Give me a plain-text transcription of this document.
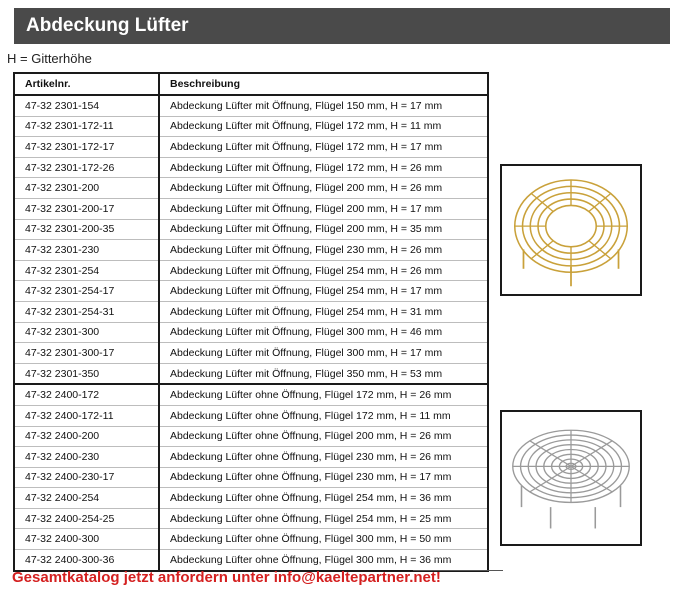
Abdeckung Lüfter
H = Gitterhöhe
Artikelnr.	Beschreibung
47-32 2301-154	Abdeckung Lüfter mit Öffnung, Flügel 150 mm, H = 17 mm
47-32 2301-172-11	Abdeckung Lüfter mit Öffnung, Flügel 172 mm, H = 11 mm
47-32 2301-172-17	Abdeckung Lüfter mit Öffnung, Flügel 172 mm, H = 17 mm
47-32 2301-172-26	Abdeckung Lüfter mit Öffnung, Flügel 172 mm, H = 26 mm
47-32 2301-200	Abdeckung Lüfter mit Öffnung, Flügel 200 mm, H = 26 mm
47-32 2301-200-17	Abdeckung Lüfter mit Öffnung, Flügel 200 mm, H = 17 mm
47-32 2301-200-35	Abdeckung Lüfter mit Öffnung, Flügel 200 mm, H = 35 mm
47-32 2301-230	Abdeckung Lüfter mit Öffnung, Flügel 230 mm, H = 26 mm
47-32 2301-254	Abdeckung Lüfter mit Öffnung, Flügel 254 mm, H = 26 mm
47-32 2301-254-17	Abdeckung Lüfter mit Öffnung, Flügel 254 mm, H = 17 mm
47-32 2301-254-31	Abdeckung Lüfter mit Öffnung, Flügel 254 mm, H = 31 mm
47-32 2301-300	Abdeckung Lüfter mit Öffnung, Flügel 300 mm, H = 46 mm
47-32 2301-300-17	Abdeckung Lüfter mit Öffnung, Flügel 300 mm, H = 17 mm
47-32 2301-350	Abdeckung Lüfter mit Öffnung, Flügel 350 mm, H = 53 mm
47-32 2400-172	Abdeckung Lüfter ohne Öffnung, Flügel 172 mm, H = 26 mm
47-32 2400-172-11	Abdeckung Lüfter ohne Öffnung, Flügel 172 mm, H = 11 mm
47-32 2400-200	Abdeckung Lüfter ohne Öffnung, Flügel 200 mm, H = 26 mm
47-32 2400-230	Abdeckung Lüfter ohne Öffnung, Flügel 230 mm, H = 26 mm
47-32 2400-230-17	Abdeckung Lüfter ohne Öffnung, Flügel 230 mm, H = 17 mm
47-32 2400-254	Abdeckung Lüfter ohne Öffnung, Flügel 254 mm, H = 36 mm
47-32 2400-254-25	Abdeckung Lüfter ohne Öffnung, Flügel 254 mm, H = 25 mm
47-32 2400-300	Abdeckung Lüfter ohne Öffnung, Flügel 300 mm, H = 50 mm
47-32 2400-300-36	Abdeckung Lüfter ohne Öffnung, Flügel 300 mm, H = 36 mm
Gesamtkatalog jetzt anfordern unter info@kaeltepartner.net!
